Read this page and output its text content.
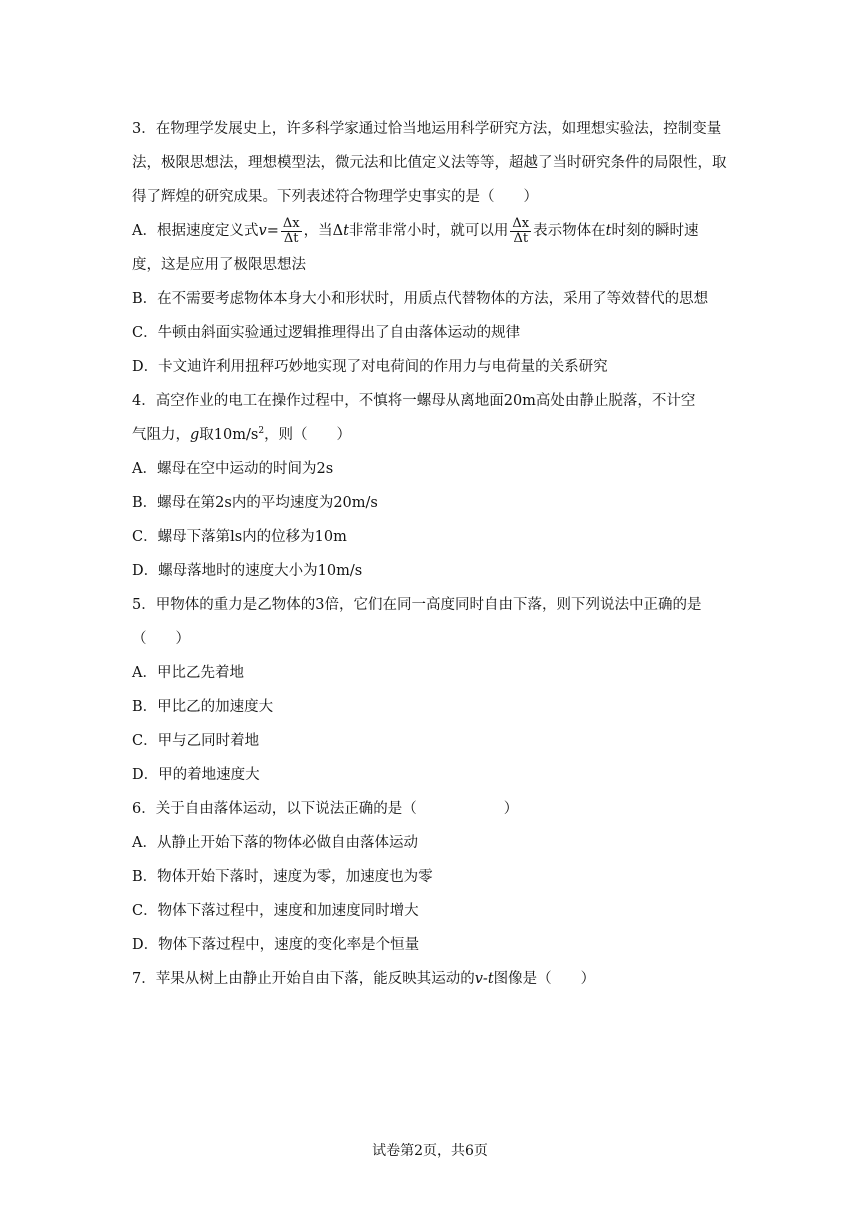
3．在物理学发展史上，许多科学家通过恰当地运用科学研究方法，如理想实验法，控制变量法，极限思想法，理想模型法，微元法和比值定义法等等，超越了当时研究条件的局限性，取得了辉煌的研究成果。下列表述符合物理学史事实的是（　　）

A．根据速度定义式$v= \frac{\Delta x}{\Delta t}$ ，当Δt非常非常小时，就可以用 $\frac{\Delta x}{\Delta t}$ 表示物体在t时刻的瞬时速
度，这是应用了极限思想法

B．在不需要考虑物体本身大小和形状时，用质点代替物体的方法，采用了等效替代的思想

C．牛顿由斜面实验通过逻辑推理得出了自由落体运动的规律
D．卡文迪许利用扭秤巧妙地实现了对电荷间的作用力与电荷量的关系研究
4．高空作业的电工在操作过程中，不慎将一螺母从离地面20m高处由静止脱落，不计空
气阻力，g取$10m/s^2$，则（　　）
A．螺母在空中运动的时间为2s
B．螺母在第2s内的平均速度为20m/s
C．螺母下落第ls内的位移为10m
D．螺母落地时的速度大小为10m/s
5．甲物体的重力是乙物体的3倍，它们在同一高度同时自由下落，则下列说法中正确的是
（　　）
A．甲比乙先着地
B．甲比乙的加速度大
C．甲与乙同时着地
D．甲的着地速度大
6．关于自由落体运动，以下说法正确的是（　　　　　　）
A．从静止开始下落的物体必做自由落体运动
B．物体开始下落时，速度为零，加速度也为零
C．物体下落过程中，速度和加速度同时增大
D．物体下落过程中，速度的变化率是个恒量
7．苹果从树上由静止开始自由下落，能反映其运动的v-t图像是（　　）
试卷第2页，共6页
